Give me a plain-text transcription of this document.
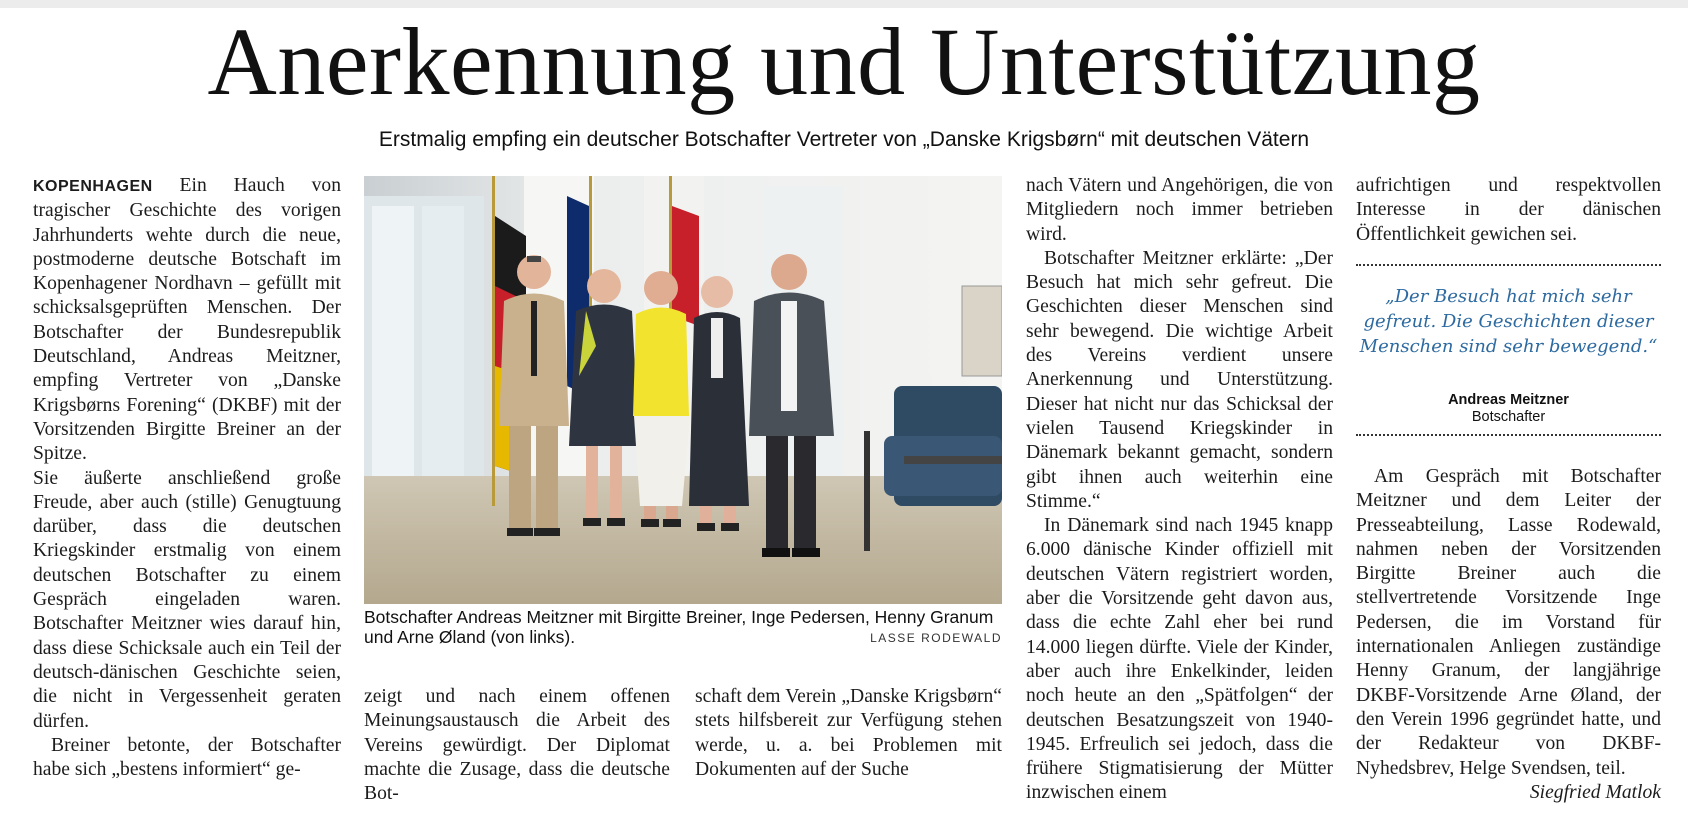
Anerkennung und Unterstützung
Erstmalig empfing ein deutscher Botschafter Vertreter von „Danske Krigsbørn“ mit deutschen Vätern

KOPENHAGEN Ein Hauch von tragischer Geschichte des vorigen Jahrhunderts wehte durch die neue, postmoderne deutsche Botschaft im Kopenhagener Nordhavn – gefüllt mit schicksalsgeprüften Menschen. Der Botschafter der Bundesrepublik Deutschland, Andreas Meitzner, empfing Vertreter von „Danske Krigsbørns Forening“ (DKBF) mit der Vorsitzenden Birgitte Breiner an der Spitze.

Sie äußerte anschließend große Freude, aber auch (stille) Genugtuung darüber, dass die deutschen Kriegskinder erstmalig von einem deutschen Botschafter zu einem Gespräch eingeladen waren. Botschafter Meitzner wies darauf hin, dass diese Schicksale auch ein Teil der deutsch-dänischen Geschichte seien, die nicht in Vergessenheit geraten dürfen.

Breiner betonte, der Botschafter habe sich „bestens informiert“ ge-

Botschafter Andreas Meitzner mit Birgitte Breiner, Inge Pedersen, Henny Granum und Arne Øland (von links).	LASSE RODEWALD

zeigt und nach einem offenen Meinungsaustausch die Arbeit des Vereins gewürdigt. Der Diplomat machte die Zusage, dass die deutsche Bot-

schaft dem Verein „Danske Krigsbørn“ stets hilfsbereit zur Verfügung stehen werde, u. a. bei Problemen mit Dokumenten auf der Suche

nach Vätern und Angehörigen, die von Mitgliedern noch immer betrieben wird.

Botschafter Meitzner erklärte: „Der Besuch hat mich sehr gefreut. Die Geschichten dieser Menschen sind sehr bewegend. Die wichtige Arbeit des Vereins verdient unsere Anerkennung und Unterstützung. Dieser hat nicht nur das Schicksal der vielen Tausend Kriegskinder in Dänemark bekannt gemacht, sondern gibt ihnen auch weiterhin eine Stimme.“

In Dänemark sind nach 1945 knapp 6.000 dänische Kinder offiziell mit deutschen Vätern registriert worden, aber die Vorsitzende geht davon aus, dass die echte Zahl eher bei rund 14.000 liegen dürfte. Viele der Kinder, aber auch ihre Enkelkinder, leiden noch heute an den „Spätfolgen“ der deutschen Besatzungszeit von 1940-1945. Erfreulich sei jedoch, dass die frühere Stigmatisierung der Mütter inzwischen einem

aufrichtigen und respektvollen Interesse in der dänischen Öffentlichkeit gewichen sei.

„Der Besuch hat mich sehr gefreut. Die Geschichten dieser Menschen sind sehr bewegend.“
Andreas Meitzner
Botschafter

Am Gespräch mit Botschafter Meitzner und dem Leiter der Presseabteilung, Lasse Rodewald, nahmen neben der Vorsitzenden Birgitte Breiner auch die stellvertretende Vorsitzende Inge Pedersen, die im Vorstand für internationalen Anliegen zuständige Henny Granum, der langjährige DKBF-Vorsitzende Arne Øland, der den Verein 1996 gegründet hatte, und der Redakteur von DKBF-Nyhedsbrev, Helge Svendsen, teil.
Siegfried Matlok
